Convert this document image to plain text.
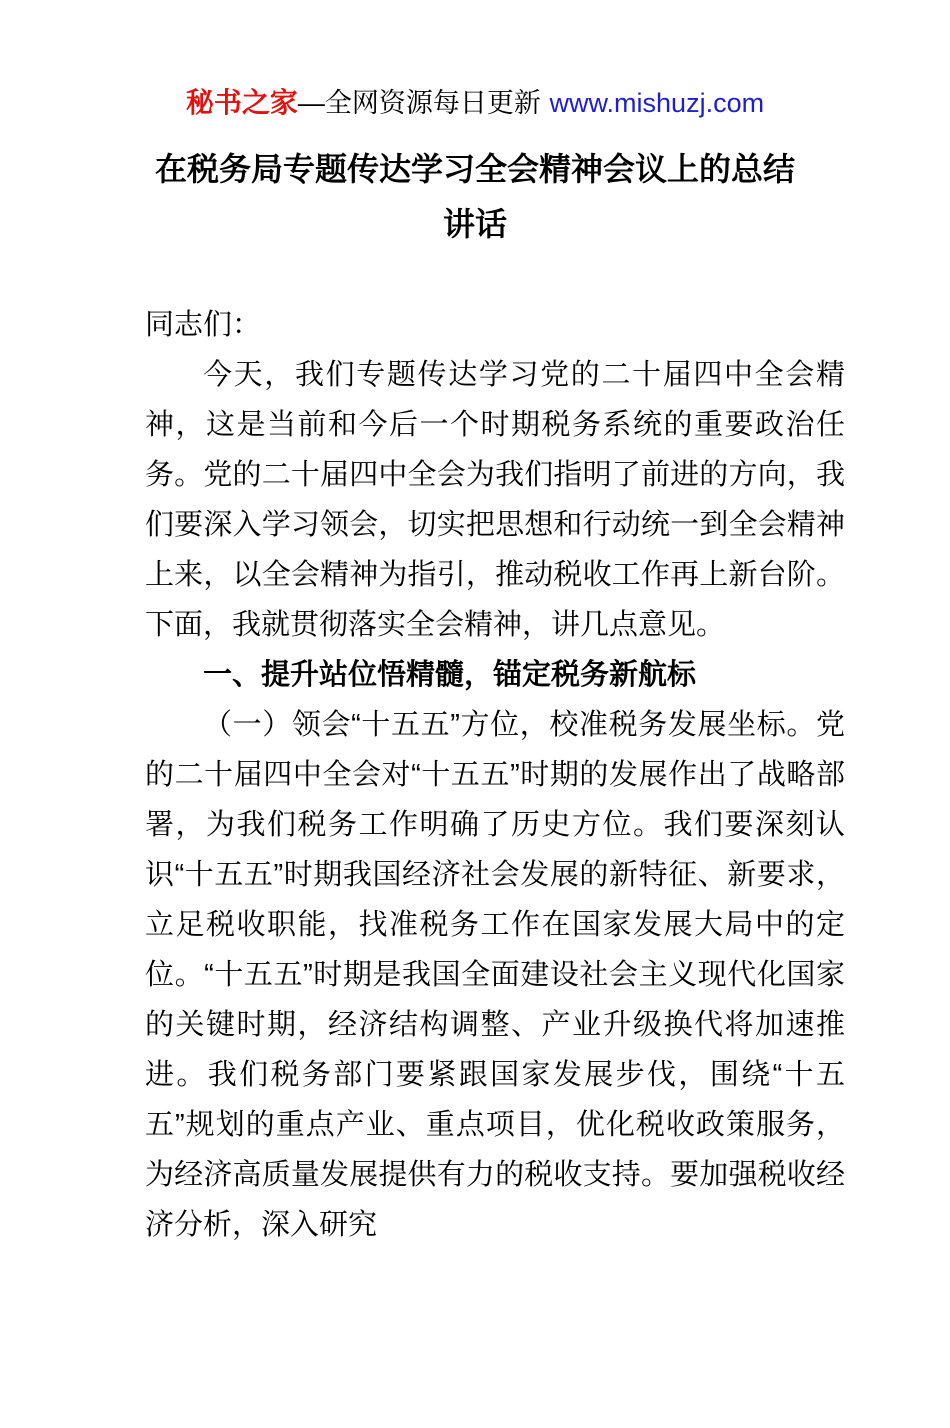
秘书之家—全网资源每日更新 www.mishuzj.com
在税务局专题传达学习全会精神会议上的总结
讲话

同志们：

今天，我们专题传达学习党的二十届四中全会精神，这是当前和今后一个时期税务系统的重要政治任务。党的二十届四中全会为我们指明了前进的方向，我们要深入学习领会，切实把思想和行动统一到全会精神上来，以全会精神为指引，推动税收工作再上新台阶。下面，我就贯彻落实全会精神，讲几点意见。

一、提升站位悟精髓，锚定税务新航标

（一）领会“十五五”方位，校准税务发展坐标。党的二十届四中全会对“十五五”时期的发展作出了战略部署，为我们税务工作明确了历史方位。我们要深刻认识“十五五”时期我国经济社会发展的新特征、新要求，立足税收职能，找准税务工作在国家发展大局中的定位。“十五五”时期是我国全面建设社会主义现代化国家的关键时期，经济结构调整、产业升级换代将加速推进。我们税务部门要紧跟国家发展步伐，围绕“十五五”规划的重点产业、重点项目，优化税收政策服务，为经济高质量发展提供有力的税收支持。要加强税收经济分析，深入研究
